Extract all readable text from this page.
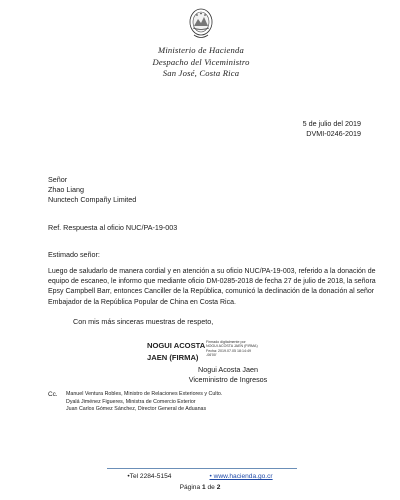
Ministerio de Hacienda
Despacho del Viceministro
San José, Costa Rica
5 de julio del 2019
DVMI-0246-2019
Señor
Zhao Liang
Nunctech Compañy Limited
Ref. Respuesta al oficio NUC/PA-19-003
Estimado señor:
Luego de saludarlo de manera cordial y en atención a su oficio NUC/PA-19-003, referido a la donación de
equipo de escaneo, le informo que mediante oficio DM-0285-2018 de fecha 27 de julio de 2018, la señora
Epsy Campbell Barr, entonces Canciller de la República, comunicó la declinación de la donación al señor
Embajador de la República Popular de China en Costa Rica.
Con mis más sinceras muestras de respeto,
NOGUI ACOSTA
JAEN (FIRMA)
Firmado digitalmente por
NOGUI ACOSTA JAEN (FIRMA)
Fecha: 2019.07.05 18:14:49
-06'00'
Nogui Acosta Jaen
Viceministro de Ingresos
Cc. Manuel Ventura Robles, Ministro de Relaciones Exteriores y Culto.
Dyalá Jiménez Figueres, Ministra de Comercio Exterior
Juan Carlos Gómez Sánchez, Director General de Aduanas
•Tel 2284-5154	• www.hacienda.go.cr
Página 1 de 2
